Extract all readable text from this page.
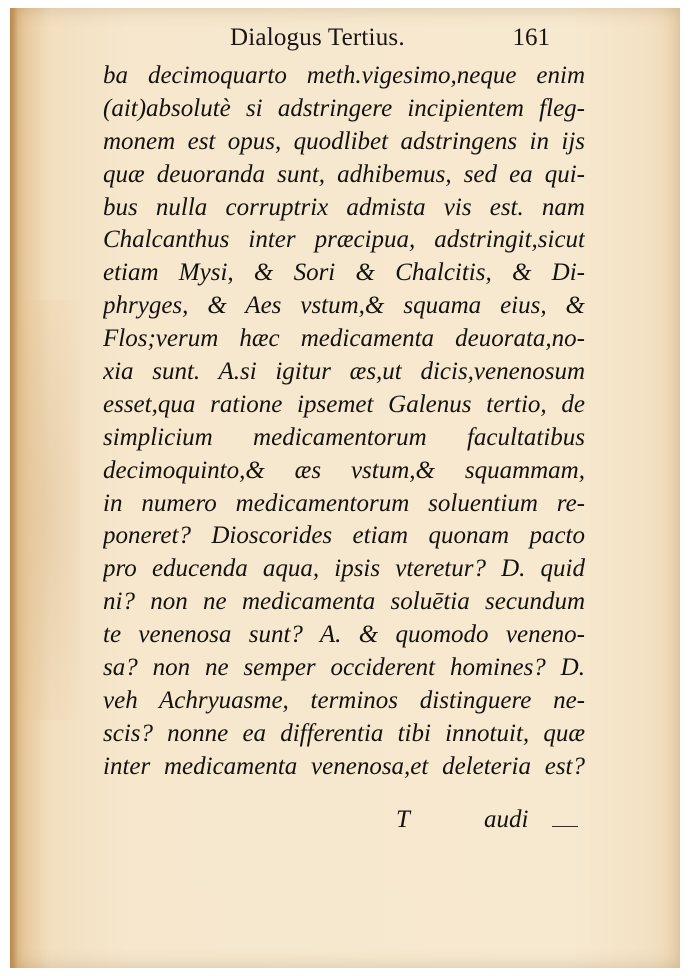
Dialogus Tertius.	161
ba decimoquarto meth.vigesimo,neque enim
(ait)absolutè si adstringere incipientem fleg-
monem est opus, quodlibet adstringens in ijs
quæ deuoranda sunt, adhibemus, sed ea qui-
bus nulla corruptrix admista vis est. nam
Chalcanthus inter præcipua, adstringit,sicut
etiam Mysi, & Sori & Chalcitis, & Di-
phryges, & Aes vstum,& squama eius, &
Flos;verum hæc medicamenta deuorata,no-
xia sunt. A.si igitur æs,ut dicis,venenosum
esset,qua ratione ipsemet Galenus tertio, de
simplicium medicamentorum facultatibus
decimoquinto,& æs vstum,& squammam,
in numero medicamentorum soluentium re-
poneret? Dioscorides etiam quonam pacto
pro educenda aqua, ipsis vteretur? D. quid
ni? non ne medicamenta soluētia secundum
te venenosa sunt? A. & quomodo veneno-
sa? non ne semper occiderent homines? D.
veh Achryuasme, terminos distinguere ne-
scis? nonne ea differentia tibi innotuit, quæ
inter medicamenta venenosa,et deleteria est?
T	audi
